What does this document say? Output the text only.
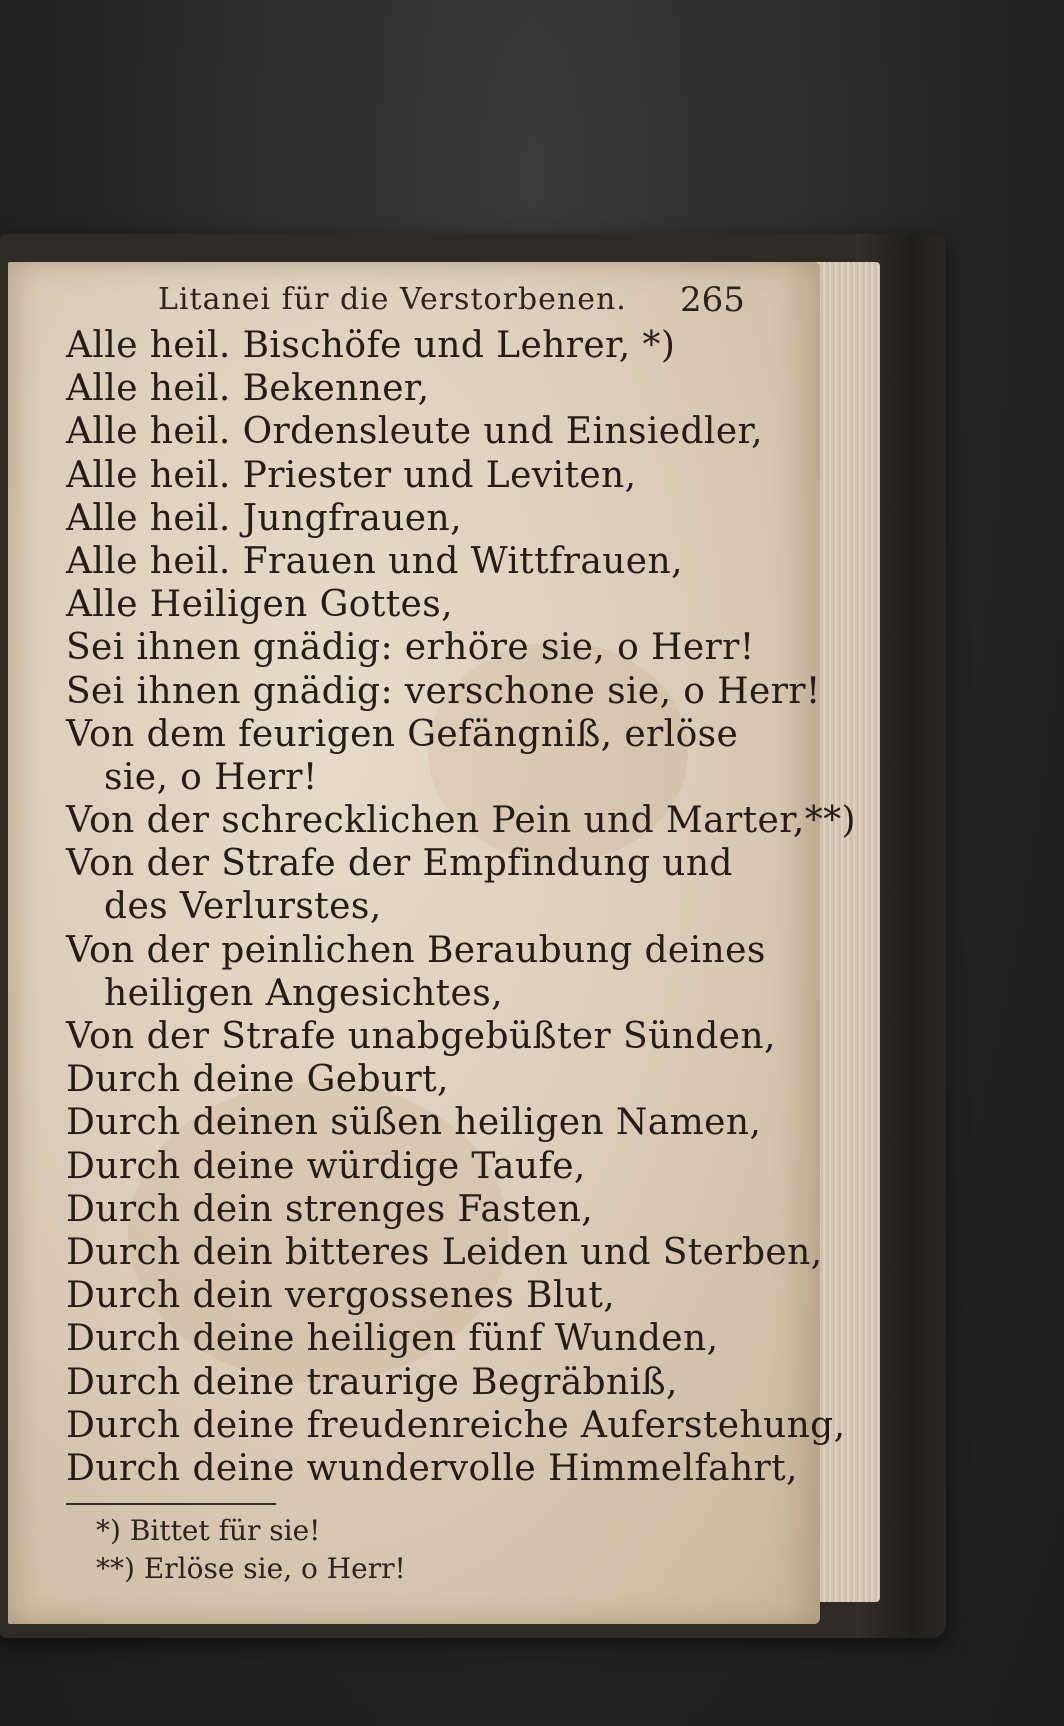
Litanei für die Verstorbenen.	265
Alle heil. Bischöfe und Lehrer, *)
Alle heil. Bekenner,
Alle heil. Ordensleute und Einsiedler,
Alle heil. Priester und Leviten,
Alle heil. Jungfrauen,
Alle heil. Frauen und Wittfrauen,
Alle Heiligen Gottes,
Sei ihnen gnädig: erhöre sie, o Herr!
Sei ihnen gnädig: verschone sie, o Herr!
Von dem feurigen Gefängniß, erlöse
sie, o Herr!
Von der schrecklichen Pein und Marter,**)
Von der Strafe der Empfindung und
des Verlurstes,
Von der peinlichen Beraubung deines
heiligen Angesichtes,
Von der Strafe unabgebüßter Sünden,
Durch deine Geburt,
Durch deinen süßen heiligen Namen,
Durch deine würdige Taufe,
Durch dein strenges Fasten,
Durch dein bitteres Leiden und Sterben,
Durch dein vergossenes Blut,
Durch deine heiligen fünf Wunden,
Durch deine traurige Begräbniß,
Durch deine freudenreiche Auferstehung,
Durch deine wundervolle Himmelfahrt,
*) Bittet für sie!
**) Erlöse sie, o Herr!
